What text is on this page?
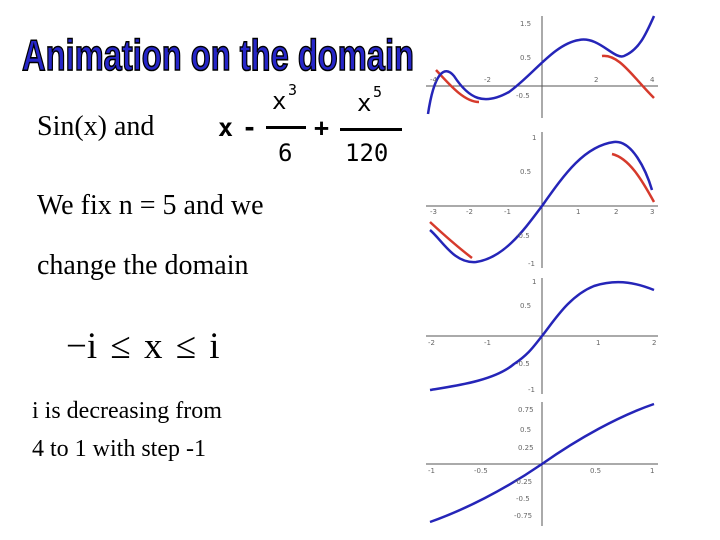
Animation on the domain
Sin(x) and	x -
x 3
6
+
x 5
120
We fix n = 5 and we
change the domain
−i ≤ x ≤ i
i is decreasing from
4 to 1 with step -1
-4	-2	2	4
1.5
0.5
-0.5
-3	-2	-1	1	2	3
1
0.5
-0.5
-1
-2	-1	1	2
1
0.5
-0.5
-1
-1	-0.5	0.5	1
0.75
0.5
0.25
-0.25
-0.5
-0.75
